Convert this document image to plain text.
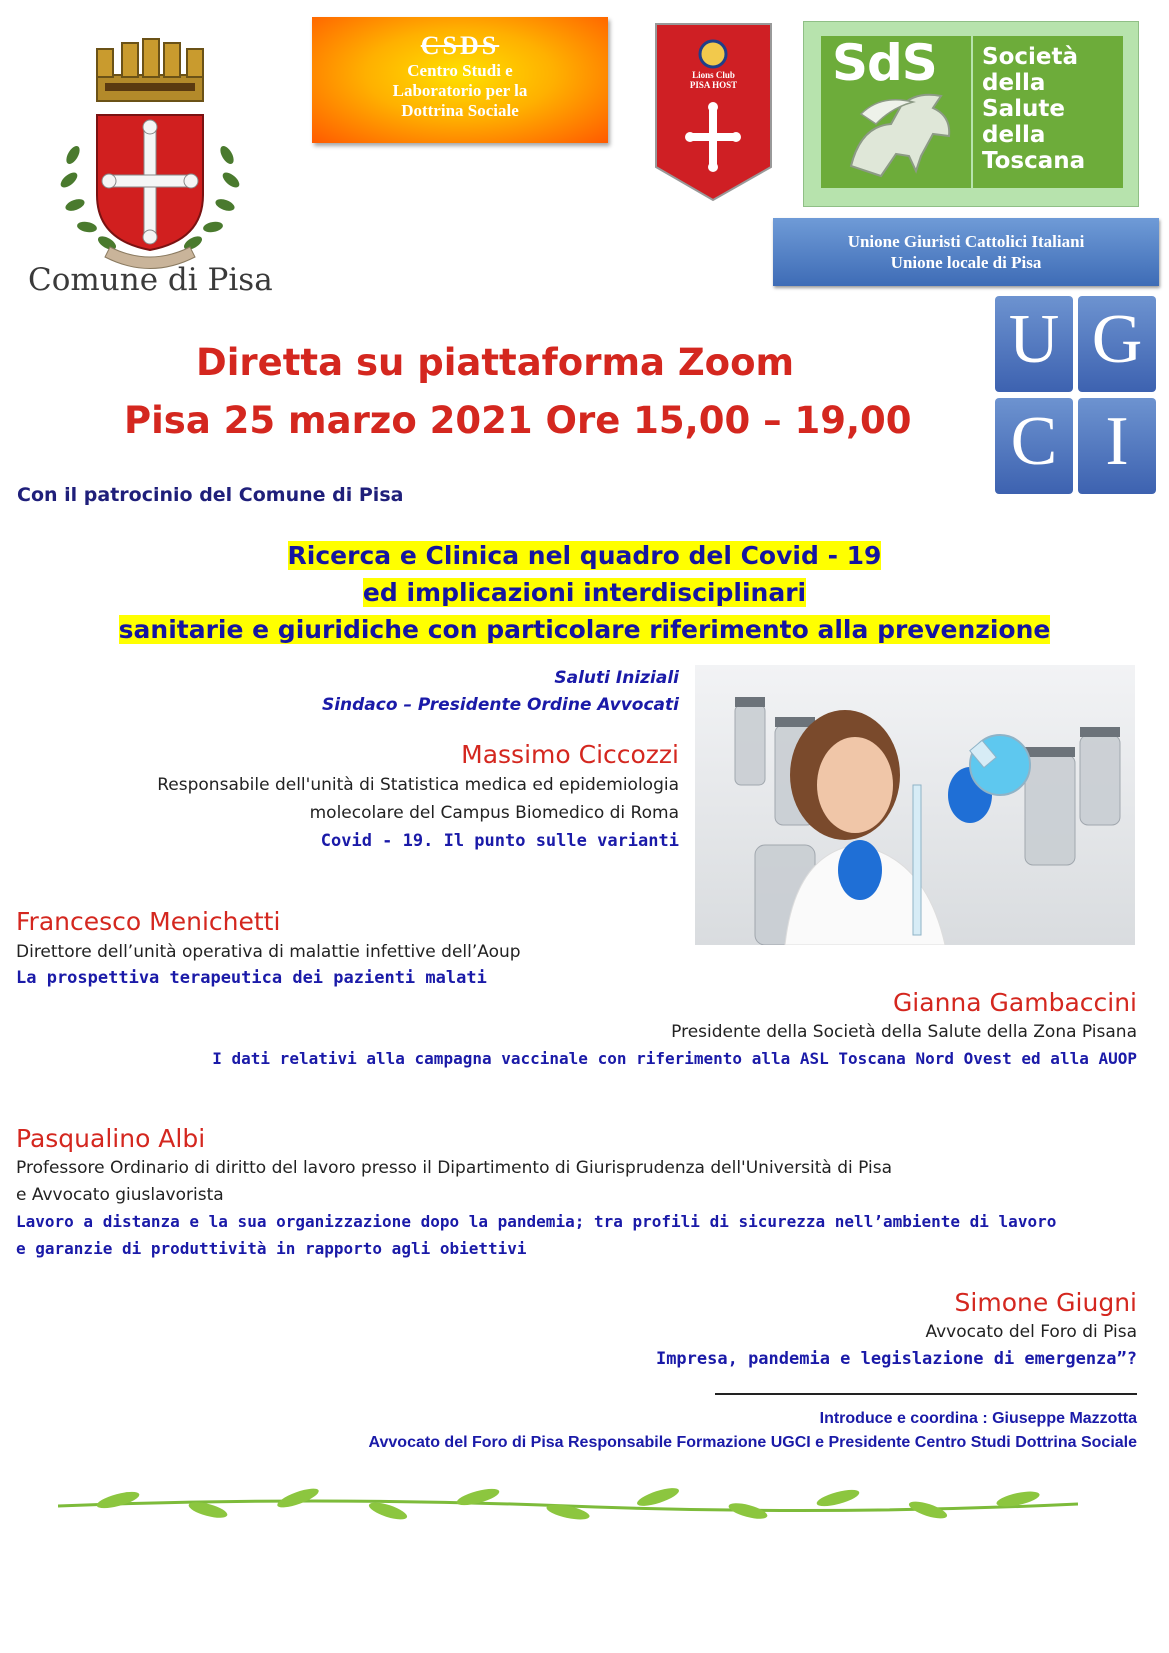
Comune di Pisa
CSDS
Centro Studi e
Laboratorio per la
Dottrina Sociale
Lions Club
PISA HOST	SdS Società
della
Salute
della
Toscana
Unione Giuristi Cattolici Italiani
Unione locale di Pisa
U G
C I
Diretta su piattaforma Zoom
Pisa 25 marzo 2021 Ore 15,00 – 19,00
Con il patrocinio del Comune di Pisa
Ricerca e Clinica nel quadro del Covid - 19
ed implicazioni interdisciplinari
sanitarie e giuridiche con particolare riferimento alla prevenzione
Saluti Iniziali
Sindaco – Presidente Ordine Avvocati
Massimo Ciccozzi
Responsabile dell'unità di Statistica medica ed epidemiologia
molecolare del Campus Biomedico di Roma
Covid - 19. Il punto sulle varianti
Francesco Menichetti
Direttore dell’unità operativa di malattie infettive dell’Aoup
La prospettiva terapeutica dei pazienti malati
Gianna Gambaccini
Presidente della Società della Salute della Zona Pisana
I dati relativi alla campagna vaccinale con riferimento alla ASL Toscana Nord Ovest ed alla AUOP
Pasqualino Albi
Professore Ordinario di diritto del lavoro presso il Dipartimento di Giurisprudenza dell'Università di Pisa
e Avvocato giuslavorista
Lavoro a distanza e la sua organizzazione dopo la pandemia; tra profili di sicurezza nell’ambiente di lavoro
e garanzie di produttività in rapporto agli obiettivi
Simone Giugni
Avvocato del Foro di Pisa
Impresa, pandemia e legislazione di emergenza”?
Introduce e coordina : Giuseppe Mazzotta
Avvocato del Foro di Pisa Responsabile Formazione UGCI e Presidente Centro Studi Dottrina Sociale
